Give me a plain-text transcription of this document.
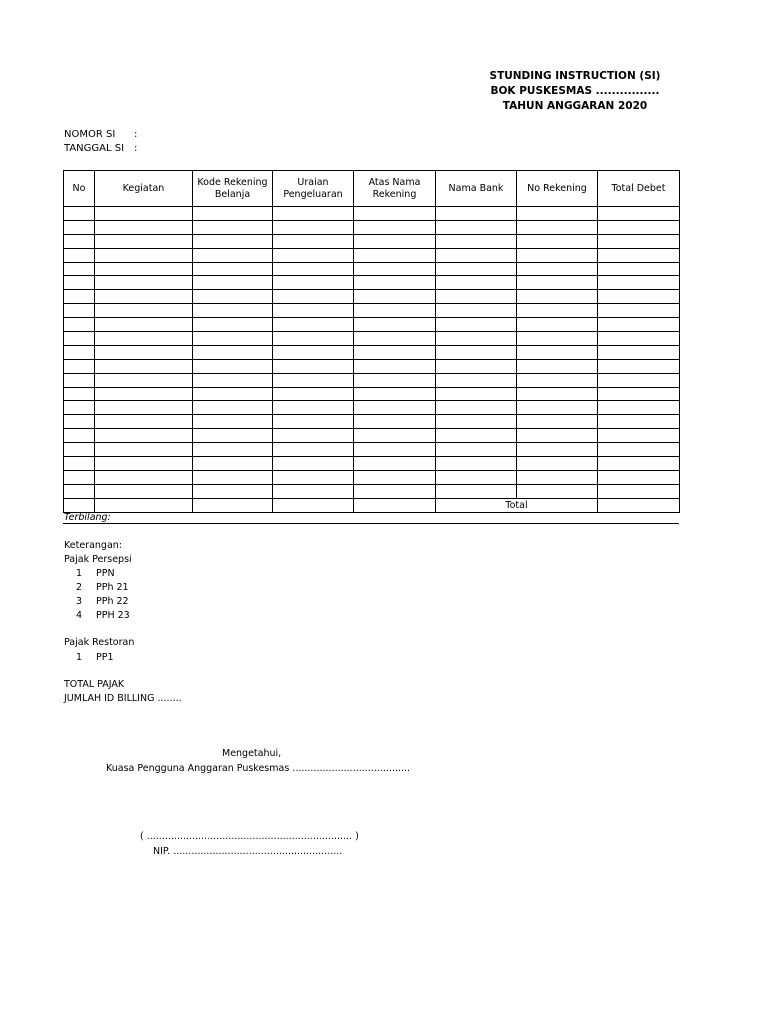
STUNDING INSTRUCTION (SI)
BOK PUSKESMAS ................
TAHUN ANGGARAN 2020
NOMOR SI :
TANGGAL SI :
No	Kegiatan	Kode Rekening Belanja	Uraian Pengeluaran	Atas Nama Rekening	Nama Bank	No Rekening	Total Debet

					Total		
Terbilang:
Keterangan:
Pajak Persepsi
1 PPN
2 PPh 21
3 PPh 22
4 PPH 23
Pajak Restoran
1 PP1
TOTAL PAJAK
JUMLAH ID BILLING ........
Mengetahui,
Kuasa Pengguna Anggaran Puskesmas .......................................
( .................................................................... )
NIP. ........................................................
